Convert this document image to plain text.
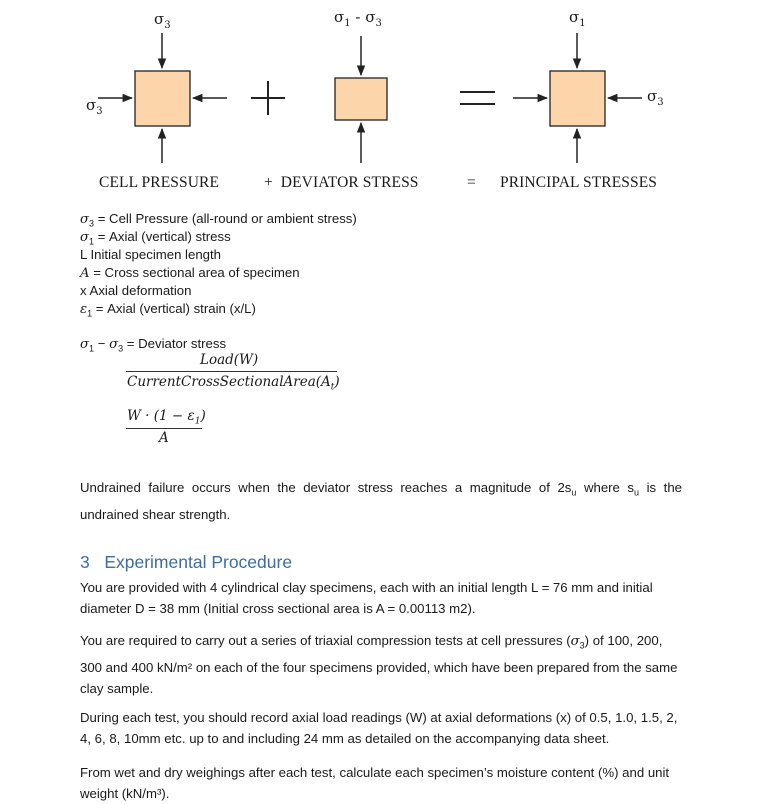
$\sigma_3$
$\sigma_3$
$\sigma_1 - \sigma_3$	$\sigma_1$
$\sigma_3$
CELL PRESSURE	+  DEVIATOR STRESS	= PRINCIPAL STRESSES
$\sigma_3$ = Cell Pressure (all-round or ambient stress)
$\sigma_1$ = Axial (vertical) stress
L Initial specimen length
A = Cross sectional area of specimen
x Axial deformation
$\varepsilon_1$ = Axial (vertical) strain (x/L)
$\sigma_1 - \sigma_3$ = Deviator stress
Load(W)
$CurrentCrossSectionalArea(A_t)$
$W \cdot (1 - \varepsilon_1)$
A
Undrained failure occurs when the deviator stress reaches a magnitude of $2s_u$ where $s_u$ is the undrained shear strength.
3 Experimental Procedure
You are provided with 4 cylindrical clay specimens, each with an initial length L = 76 mm and initial diameter D = 38 mm (Initial cross sectional area is A = 0.00113 m2).
You are required to carry out a series of triaxial compression tests at cell pressures $(\sigma_3)$ of 100, 200, 300 and 400 kN/m² on each of the four specimens provided, which have been prepared from the same clay sample.
During each test, you should record axial load readings (W) at axial deformations (x) of 0.5, 1.0, 1.5, 2, 4, 6, 8, 10mm etc. up to and including 24 mm as detailed on the accompanying data sheet.
From wet and dry weighings after each test, calculate each specimen’s moisture content (%) and unit weight (kN/m³).
